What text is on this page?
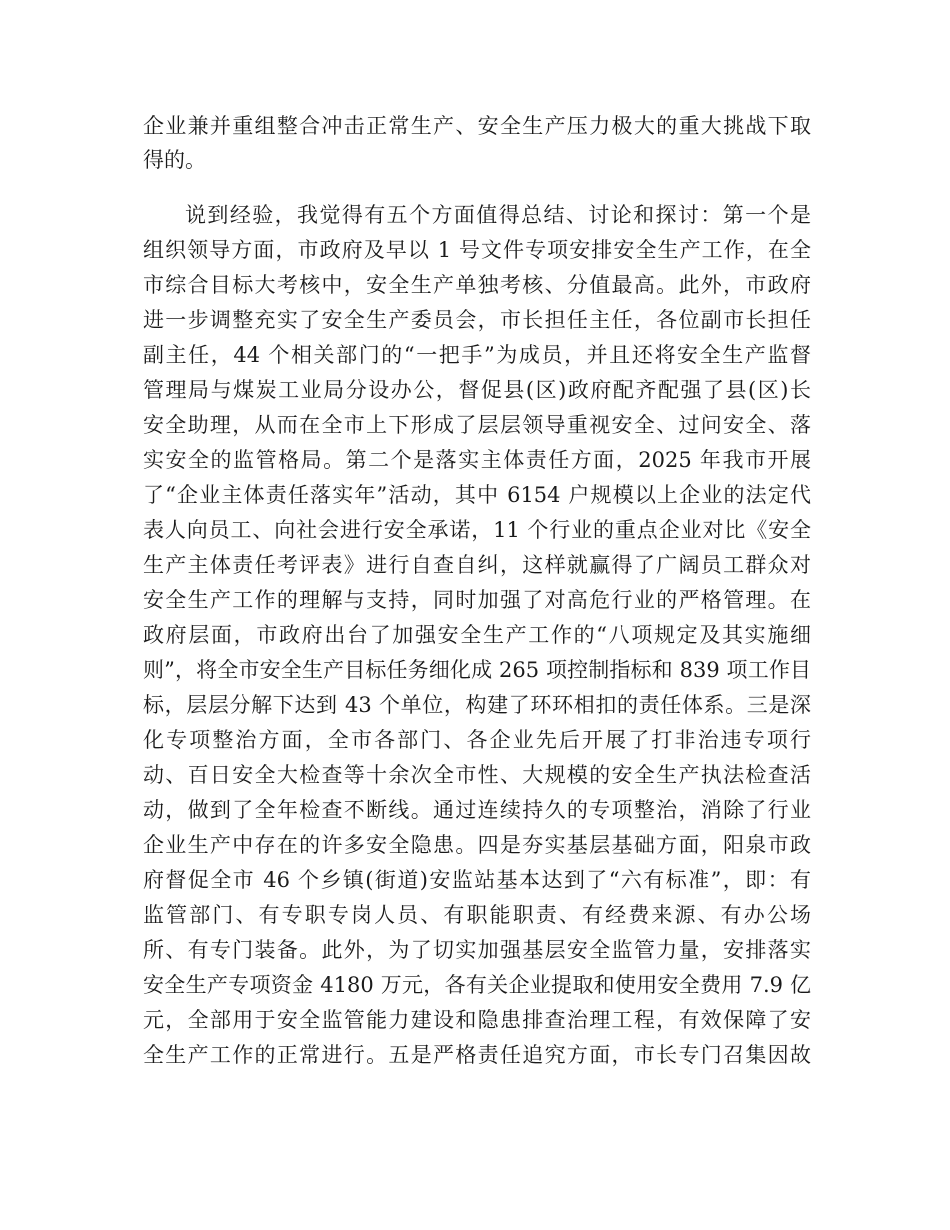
企业兼并重组整合冲击正常生产、安全生产压力极大的重大挑战下取
得的。
说到经验，我觉得有五个方面值得总结、讨论和探讨：第一个是
组织领导方面，市政府及早以 1 号文件专项安排安全生产工作，在全
市综合目标大考核中，安全生产单独考核、分值最高。此外，市政府
进一步调整充实了安全生产委员会，市长担任主任，各位副市长担任
副主任，44 个相关部门的“一把手”为成员，并且还将安全生产监督
管理局与煤炭工业局分设办公，督促县(区)政府配齐配强了县(区)长
安全助理，从而在全市上下形成了层层领导重视安全、过问安全、落
实安全的监管格局。第二个是落实主体责任方面，2025 年我市开展
了“企业主体责任落实年”活动，其中 6154 户规模以上企业的法定代
表人向员工、向社会进行安全承诺，11 个行业的重点企业对比《安全
生产主体责任考评表》进行自查自纠，这样就赢得了广阔员工群众对
安全生产工作的理解与支持，同时加强了对高危行业的严格管理。在
政府层面，市政府出台了加强安全生产工作的“八项规定及其实施细
则”，将全市安全生产目标任务细化成 265 项控制指标和 839 项工作目
标，层层分解下达到 43 个单位，构建了环环相扣的责任体系。三是深
化专项整治方面，全市各部门、各企业先后开展了打非治违专项行
动、百日安全大检查等十余次全市性、大规模的安全生产执法检查活
动，做到了全年检查不断线。通过连续持久的专项整治，消除了行业
企业生产中存在的许多安全隐患。四是夯实基层基础方面，阳泉市政
府督促全市 46 个乡镇(街道)安监站基本达到了“六有标准”，即：有
监管部门、有专职专岗人员、有职能职责、有经费来源、有办公场
所、有专门装备。此外，为了切实加强基层安全监管力量，安排落实
安全生产专项资金 4180 万元，各有关企业提取和使用安全费用 7.9 亿
元，全部用于安全监管能力建设和隐患排查治理工程，有效保障了安
全生产工作的正常进行。五是严格责任追究方面，市长专门召集因故
